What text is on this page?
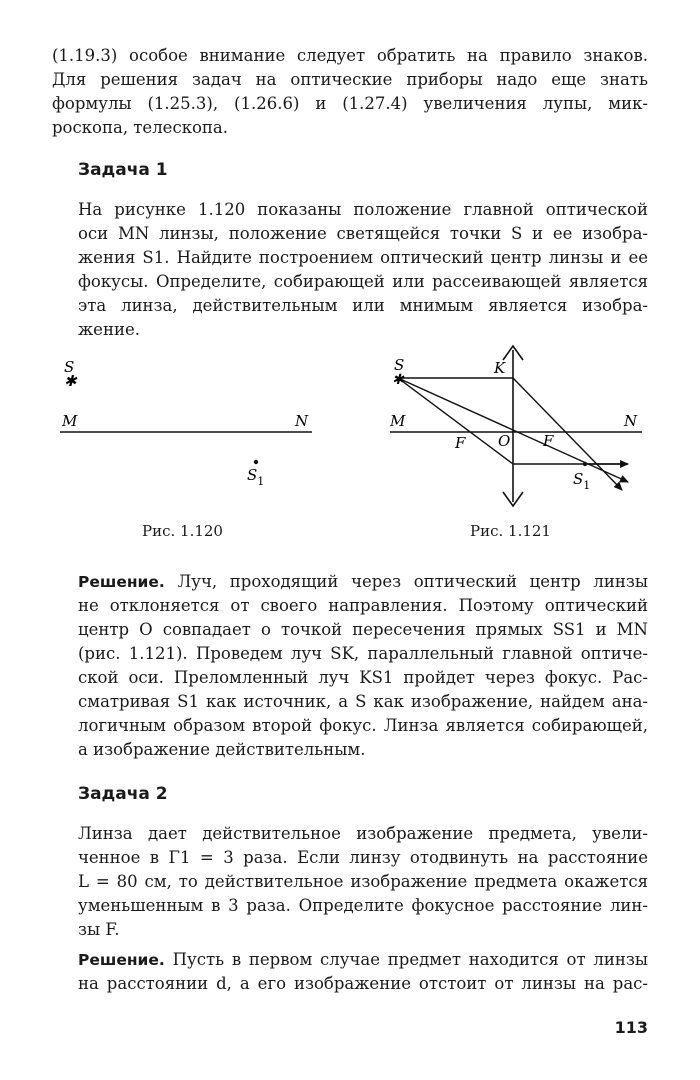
(1.19.3) особое внимание следует обратить на правило знаков.
Для решения задач на оптические приборы надо еще знать
формулы (1.25.3), (1.26.6) и (1.27.4) увеличения лупы, мик-
роскопа, телескопа.
Задача 1
На рисунке 1.120 показаны положение главной оптической
оси MN линзы, положение светящейся точки S и ее изобра-
жения S1. Найдите построением оптический центр линзы и ее
фокусы. Определите, собирающей или рассеивающей является
эта линза, действительным или мнимым является изобра-
жение.
S
✱
M	N
$S_1$
Рис. 1.120
✱
S	K
M	N
F O F
$S_1$
Рис. 1.121
Решение. Луч, проходящий через оптический центр линзы
не отклоняется от своего направления. Поэтому оптический
центр O совпадает о точкой пересечения прямых SS1 и MN
(рис. 1.121). Проведем луч SK, параллельный главной оптиче-
ской оси. Преломленный луч KS1 пройдет через фокус. Рас-
сматривая S1 как источник, а S как изображение, найдем ана-
логичным образом второй фокус. Линза является собирающей,
а изображение действительным.
Задача 2
Линза дает действительное изображение предмета, увели-
ченное в Γ1 = 3 раза. Если линзу отодвинуть на расстояние
L = 80 см, то действительное изображение предмета окажется
уменьшенным в 3 раза. Определите фокусное расстояние лин-
зы F.
Решение. Пусть в первом случае предмет находится от линзы
на расстоянии d, а его изображение отстоит от линзы на рас-
113
